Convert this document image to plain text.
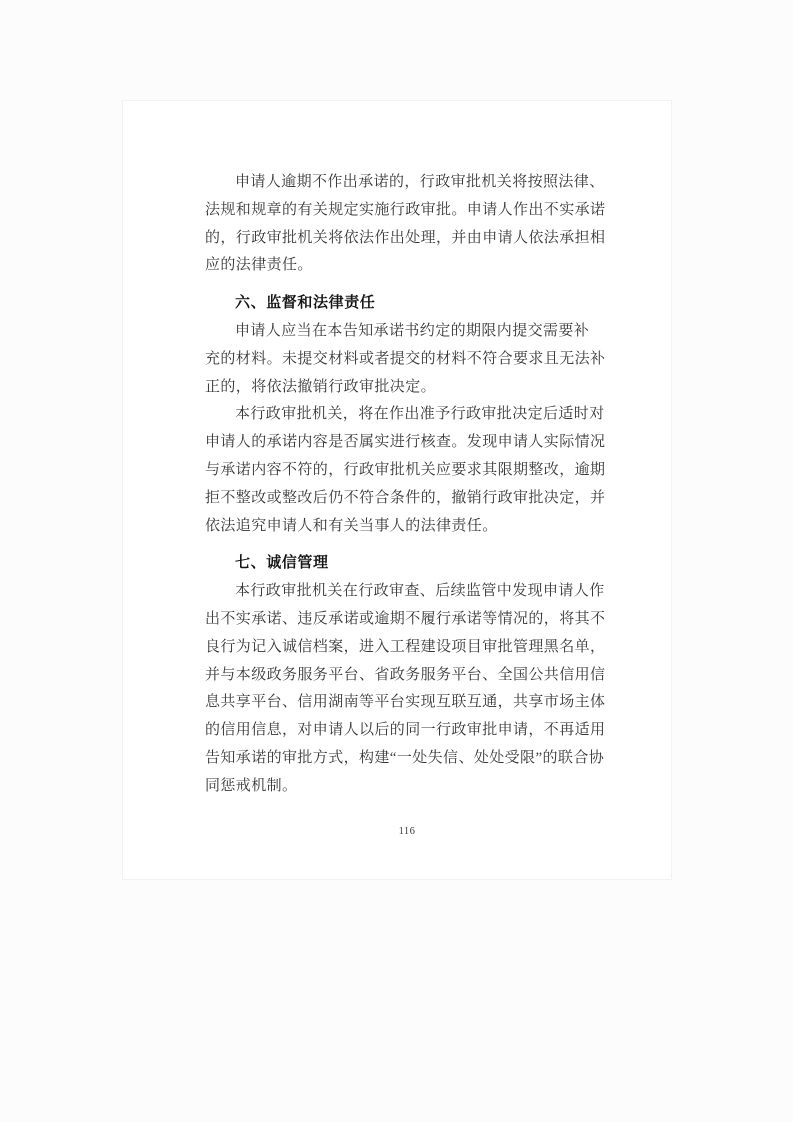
申请人逾期不作出承诺的，行政审批机关将按照法律、
法规和规章的有关规定实施行政审批。申请人作出不实承诺
的，行政审批机关将依法作出处理，并由申请人依法承担相
应的法律责任。
六、监督和法律责任
申请人应当在本告知承诺书约定的期限内提交需要补
充的材料。未提交材料或者提交的材料不符合要求且无法补
正的，将依法撤销行政审批决定。
本行政审批机关，将在作出准予行政审批决定后适时对
申请人的承诺内容是否属实进行核查。发现申请人实际情况
与承诺内容不符的，行政审批机关应要求其限期整改，逾期
拒不整改或整改后仍不符合条件的，撤销行政审批决定，并
依法追究申请人和有关当事人的法律责任。
七、诚信管理
本行政审批机关在行政审查、后续监管中发现申请人作
出不实承诺、违反承诺或逾期不履行承诺等情况的，将其不
良行为记入诚信档案，进入工程建设项目审批管理黑名单，
并与本级政务服务平台、省政务服务平台、全国公共信用信
息共享平台、信用湖南等平台实现互联互通，共享市场主体
的信用信息，对申请人以后的同一行政审批申请，不再适用
告知承诺的审批方式，构建“一处失信、处处受限”的联合协
同惩戒机制。
116
